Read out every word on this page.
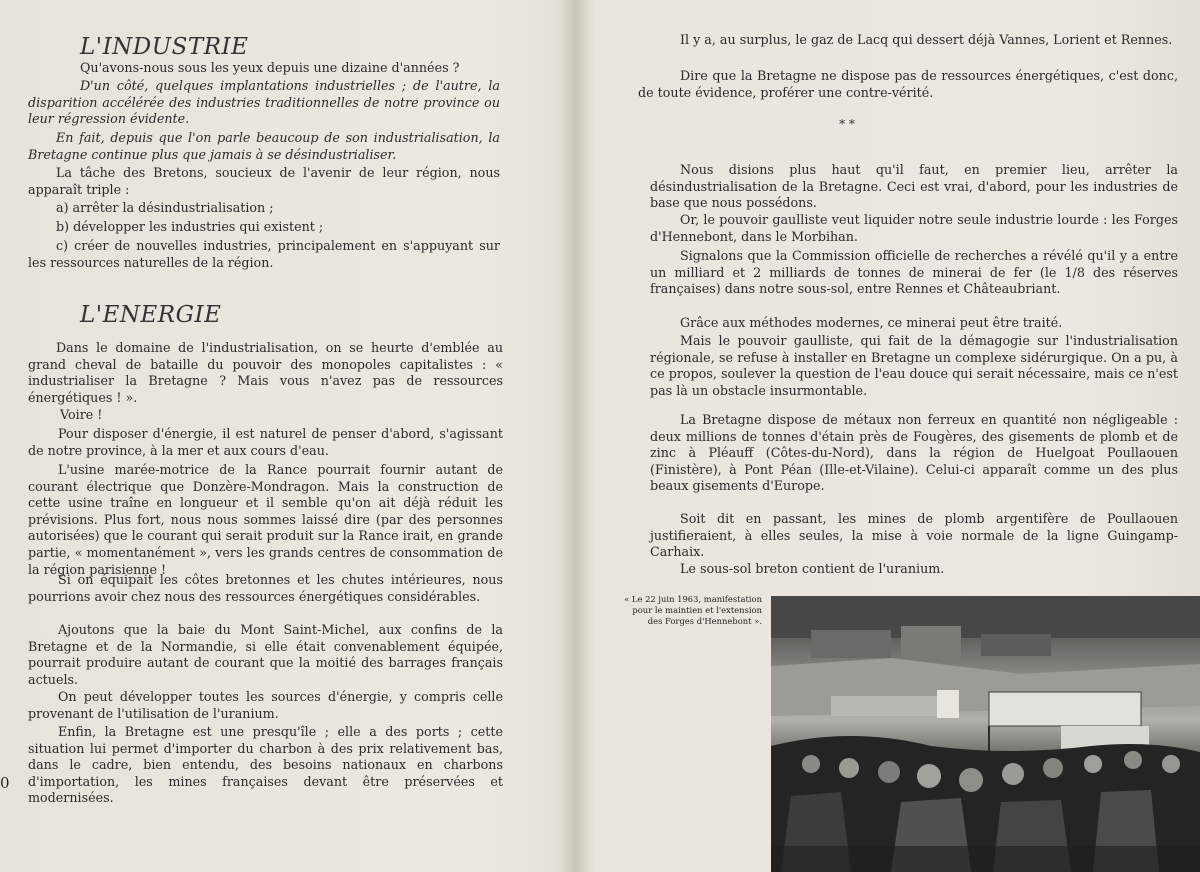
L'INDUSTRIE

Qu'avons-nous sous les yeux depuis une dizaine d'années ?

D'un côté, quelques implantations industrielles ; de l'autre, la disparition accélérée des industries traditionnelles de notre province ou leur régression évidente.

En fait, depuis que l'on parle beaucoup de son industrialisation, la Bretagne continue plus que jamais à se désindustrialiser.

La tâche des Bretons, soucieux de l'avenir de leur région, nous apparaît triple :

a) arrêter la désindustrialisation ;

b) développer les industries qui existent ;

c) créer de nouvelles industries, principalement en s'appuyant sur les ressources naturelles de la région.

L'ENERGIE

Dans le domaine de l'industrialisation, on se heurte d'emblée au grand cheval de bataille du pouvoir des monopoles capitalistes : « industrialiser la Bretagne ? Mais vous n'avez pas de ressources énergétiques ! ».

Voire !

Pour disposer d'énergie, il est naturel de penser d'abord, s'agissant de notre province, à la mer et aux cours d'eau.

L'usine marée-motrice de la Rance pourrait fournir autant de courant électrique que Donzère-Mondragon. Mais la construction de cette usine traîne en longueur et il semble qu'on ait déjà réduit les prévisions. Plus fort, nous nous sommes laissé dire (par des personnes autorisées) que le courant qui serait produit sur la Rance irait, en grande partie, « momentanément », vers les grands centres de consommation de la région parisienne !

Si on équipait les côtes bretonnes et les chutes intérieures, nous pourrions avoir chez nous des ressources énergétiques considérables.

Ajoutons que la baie du Mont Saint-Michel, aux confins de la Bretagne et de la Normandie, si elle était convenablement équipée, pourrait produire autant de courant que la moitié des barrages français actuels.

On peut développer toutes les sources d'énergie, y compris celle provenant de l'utilisation de l'uranium.

Enfin, la Bretagne est une presqu'île ; elle a des ports ; cette situation lui permet d'importer du charbon à des prix relativement bas, dans le cadre, bien entendu, des besoins nationaux en charbons d'importation, les mines françaises devant être préservées et modernisées.

0

Il y a, au surplus, le gaz de Lacq qui dessert déjà Vannes, Lorient et Rennes.

Dire que la Bretagne ne dispose pas de ressources énergétiques, c'est donc, de toute évidence, proférer une contre-vérité.

* *

Nous disions plus haut qu'il faut, en premier lieu, arrêter la désindustrialisation de la Bretagne. Ceci est vrai, d'abord, pour les industries de base que nous possédons.

Or, le pouvoir gaulliste veut liquider notre seule industrie lourde : les Forges d'Hennebont, dans le Morbihan.

Signalons que la Commission officielle de recherches a révélé qu'il y a entre un milliard et 2 milliards de tonnes de minerai de fer (le 1/8 des réserves françaises) dans notre sous-sol, entre Rennes et Châteaubriant.

Grâce aux méthodes modernes, ce minerai peut être traité.

Mais le pouvoir gaulliste, qui fait de la démagogie sur l'industrialisation régionale, se refuse à installer en Bretagne un complexe sidérurgique. On a pu, à ce propos, soulever la question de l'eau douce qui serait nécessaire, mais ce n'est pas là un obstacle insurmontable.

La Bretagne dispose de métaux non ferreux en quantité non négligeable : deux millions de tonnes d'étain près de Fougères, des gisements de plomb et de zinc à Pléauff (Côtes-du-Nord), dans la région de Huelgoat Poullaouen (Finistère), à Pont Péan (Ille-et-Vilaine). Celui-ci apparaît comme un des plus beaux gisements d'Europe.

Soit dit en passant, les mines de plomb argentifère de Poullaouen justifieraient, à elles seules, la mise à voie normale de la ligne Guingamp-Carhaix.

Le sous-sol breton contient de l'uranium.

« Le 22 juin 1963, manifestation pour le maintien et l'extension des Forges d'Hennebont ».
